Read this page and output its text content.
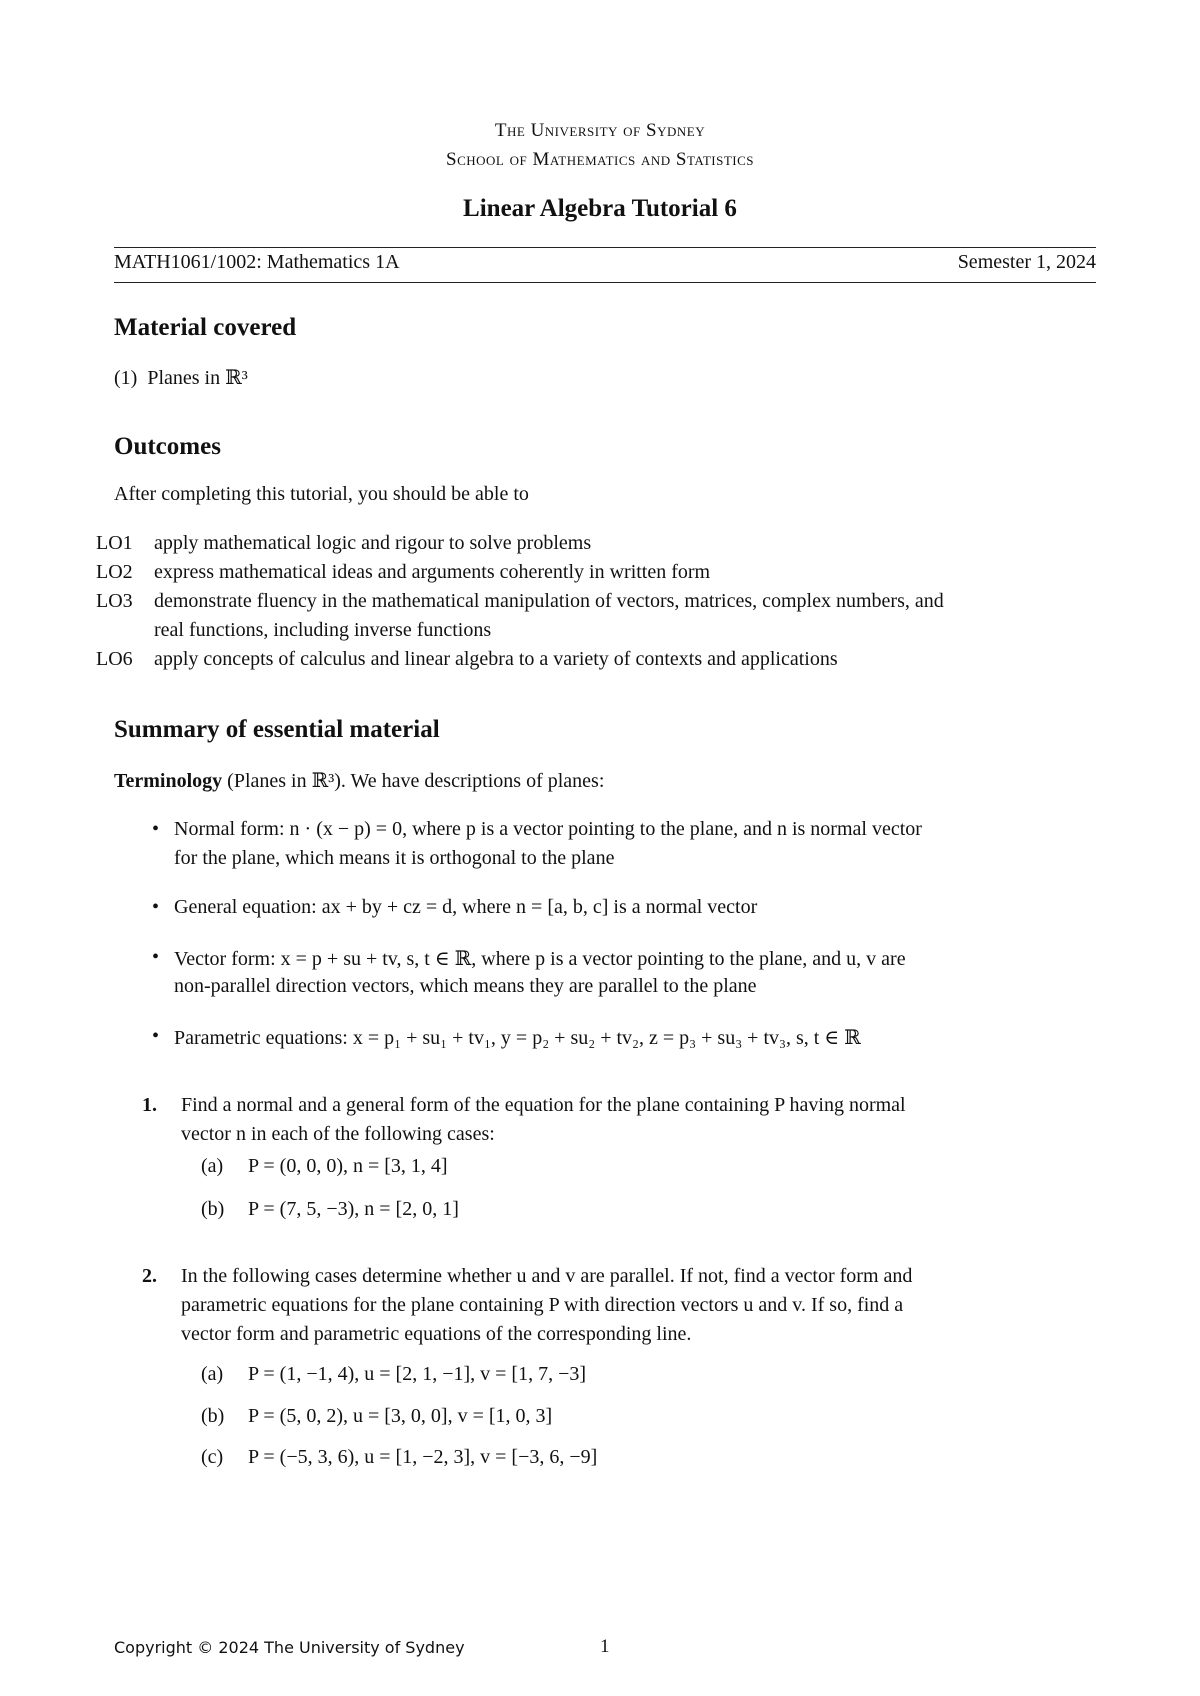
The University of Sydney
School of Mathematics and Statistics
Linear Algebra Tutorial 6
MATH1061/1002: Mathematics 1A	Semester 1, 2024
Material covered
(1) Planes in ℝ³
Outcomes
After completing this tutorial, you should be able to
LO1 apply mathematical logic and rigour to solve problems
LO2 express mathematical ideas and arguments coherently in written form
LO3 demonstrate fluency in the mathematical manipulation of vectors, matrices, complex numbers, and
real functions, including inverse functions
LO6 apply concepts of calculus and linear algebra to a variety of contexts and applications
Summary of essential material
Terminology (Planes in ℝ³). We have descriptions of planes:
• Normal form: n · (x − p) = 0, where p is a vector pointing to the plane, and n is normal vector
for the plane, which means it is orthogonal to the plane
• General equation: ax + by + cz = d, where n = [a, b, c] is a normal vector
• Vector form: x = p + su + tv, s, t ∈ ℝ, where p is a vector pointing to the plane, and u, v are
non-parallel direction vectors, which means they are parallel to the plane
• Parametric equations: x = p₁ + su₁ + tv₁, y = p₂ + su₂ + tv₂, z = p₃ + su₃ + tv₃, s, t ∈ ℝ
1. Find a normal and a general form of the equation for the plane containing P having normal
vector n in each of the following cases:
(a) P = (0, 0, 0), n = [3, 1, 4]
(b) P = (7, 5, −3), n = [2, 0, 1]
2. In the following cases determine whether u and v are parallel. If not, find a vector form and
parametric equations for the plane containing P with direction vectors u and v. If so, find a
vector form and parametric equations of the corresponding line.
(a) P = (1, −1, 4), u = [2, 1, −1], v = [1, 7, −3]
(b) P = (5, 0, 2), u = [3, 0, 0], v = [1, 0, 3]
(c) P = (−5, 3, 6), u = [1, −2, 3], v = [−3, 6, −9]
Copyright © 2024 The University of Sydney	1
